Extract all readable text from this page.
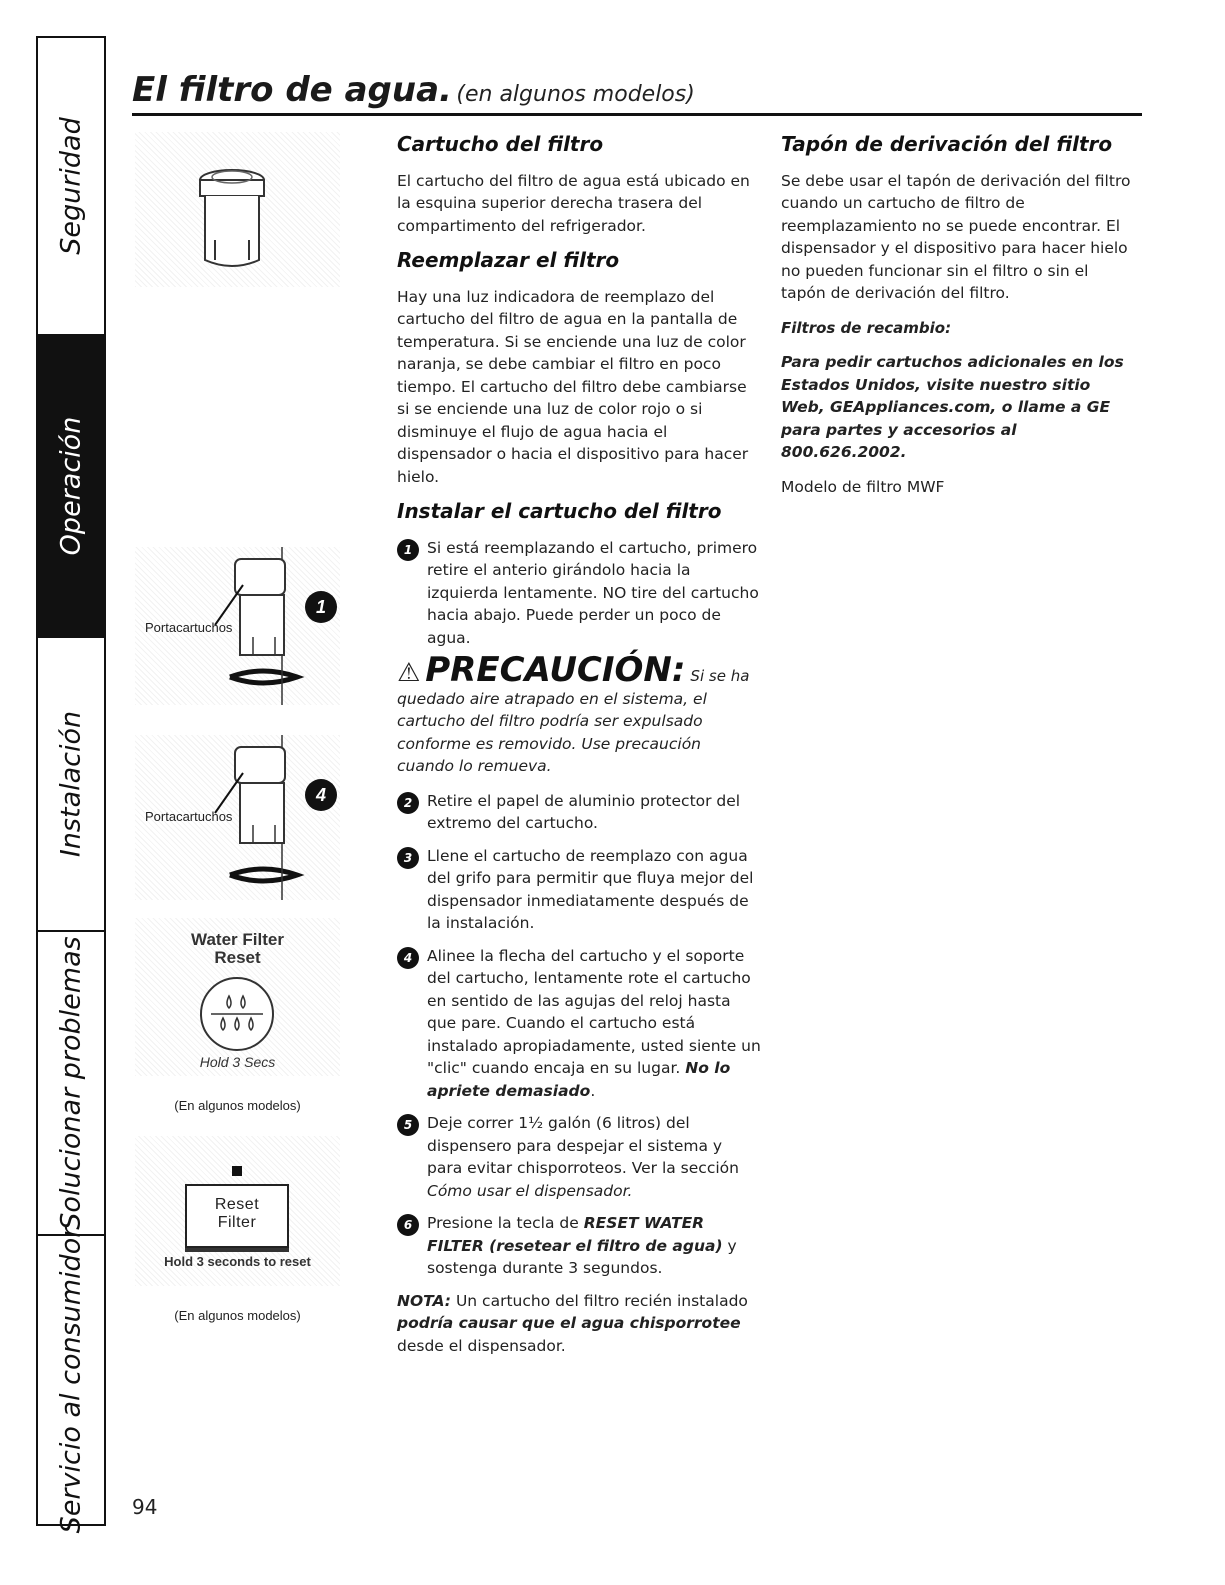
Seguridad
Operación
Instalación
Solucionar problemas
Servicio al consumidor
El filtro de agua. (en algunos modelos)
Portacartuchos
1
Portacartuchos
4
Water Filter
Reset
Hold 3 Secs
(En algunos modelos)
Reset
Filter
Hold 3 seconds to reset
(En algunos modelos)
Cartucho del filtro

El cartucho del filtro de agua está ubicado en la esquina superior derecha trasera del compartimento del refrigerador.

Reemplazar el filtro

Hay una luz indicadora de reemplazo del cartucho del filtro de agua en la pantalla de temperatura. Si se enciende una luz de color naranja, se debe cambiar el filtro en poco tiempo. El cartucho del filtro debe cambiarse si se enciende una luz de color rojo o si disminuye el flujo de agua hacia el dispensador o hacia el dispositivo para hacer hielo.

Instalar el cartucho del filtro
1 Si está reemplazando el cartucho, primero retire el anterio girándolo hacia la izquierda lentamente. NO tire del cartucho hacia abajo. Puede perder un poco de agua.
⚠ PRECAUCIÓN: Si se ha

quedado aire atrapado en el sistema, el cartucho del filtro podría ser expulsado conforme es removido. Use precaución cuando lo remueva.

2 Retire el papel de aluminio protector del extremo del cartucho.
3 Llene el cartucho de reemplazo con agua del grifo para permitir que fluya mejor del dispensador inmediatamente después de la instalación.
4 Alinee la flecha del cartucho y el soporte del cartucho, lentamente rote el cartucho en sentido de las agujas del reloj hasta que pare. Cuando el cartucho está instalado apropiadamente, usted siente un "clic" cuando encaja en su lugar. No lo apriete demasiado.
5 Deje correr 1½ galón (6 litros) del dispensero para despejar el sistema y para evitar chisporroteos. Ver la sección Cómo usar el dispensador.
6 Presione la tecla de RESET WATER FILTER (resetear el filtro de agua) y sostenga durante 3 segundos.

NOTA: Un cartucho del filtro recién instalado podría causar que el agua chisporrotee desde el dispensador.

Tapón de derivación del filtro

Se debe usar el tapón de derivación del filtro cuando un cartucho de filtro de reemplazamiento no se puede encontrar. El dispensador y el dispositivo para hacer hielo no pueden funcionar sin el filtro o sin el tapón de derivación del filtro.

Filtros de recambio:

Para pedir cartuchos adicionales en los Estados Unidos, visite nuestro sitio Web, GEAppliances.com, o llame a GE para partes y accesorios al 800.626.2002.

Modelo de filtro MWF

94
